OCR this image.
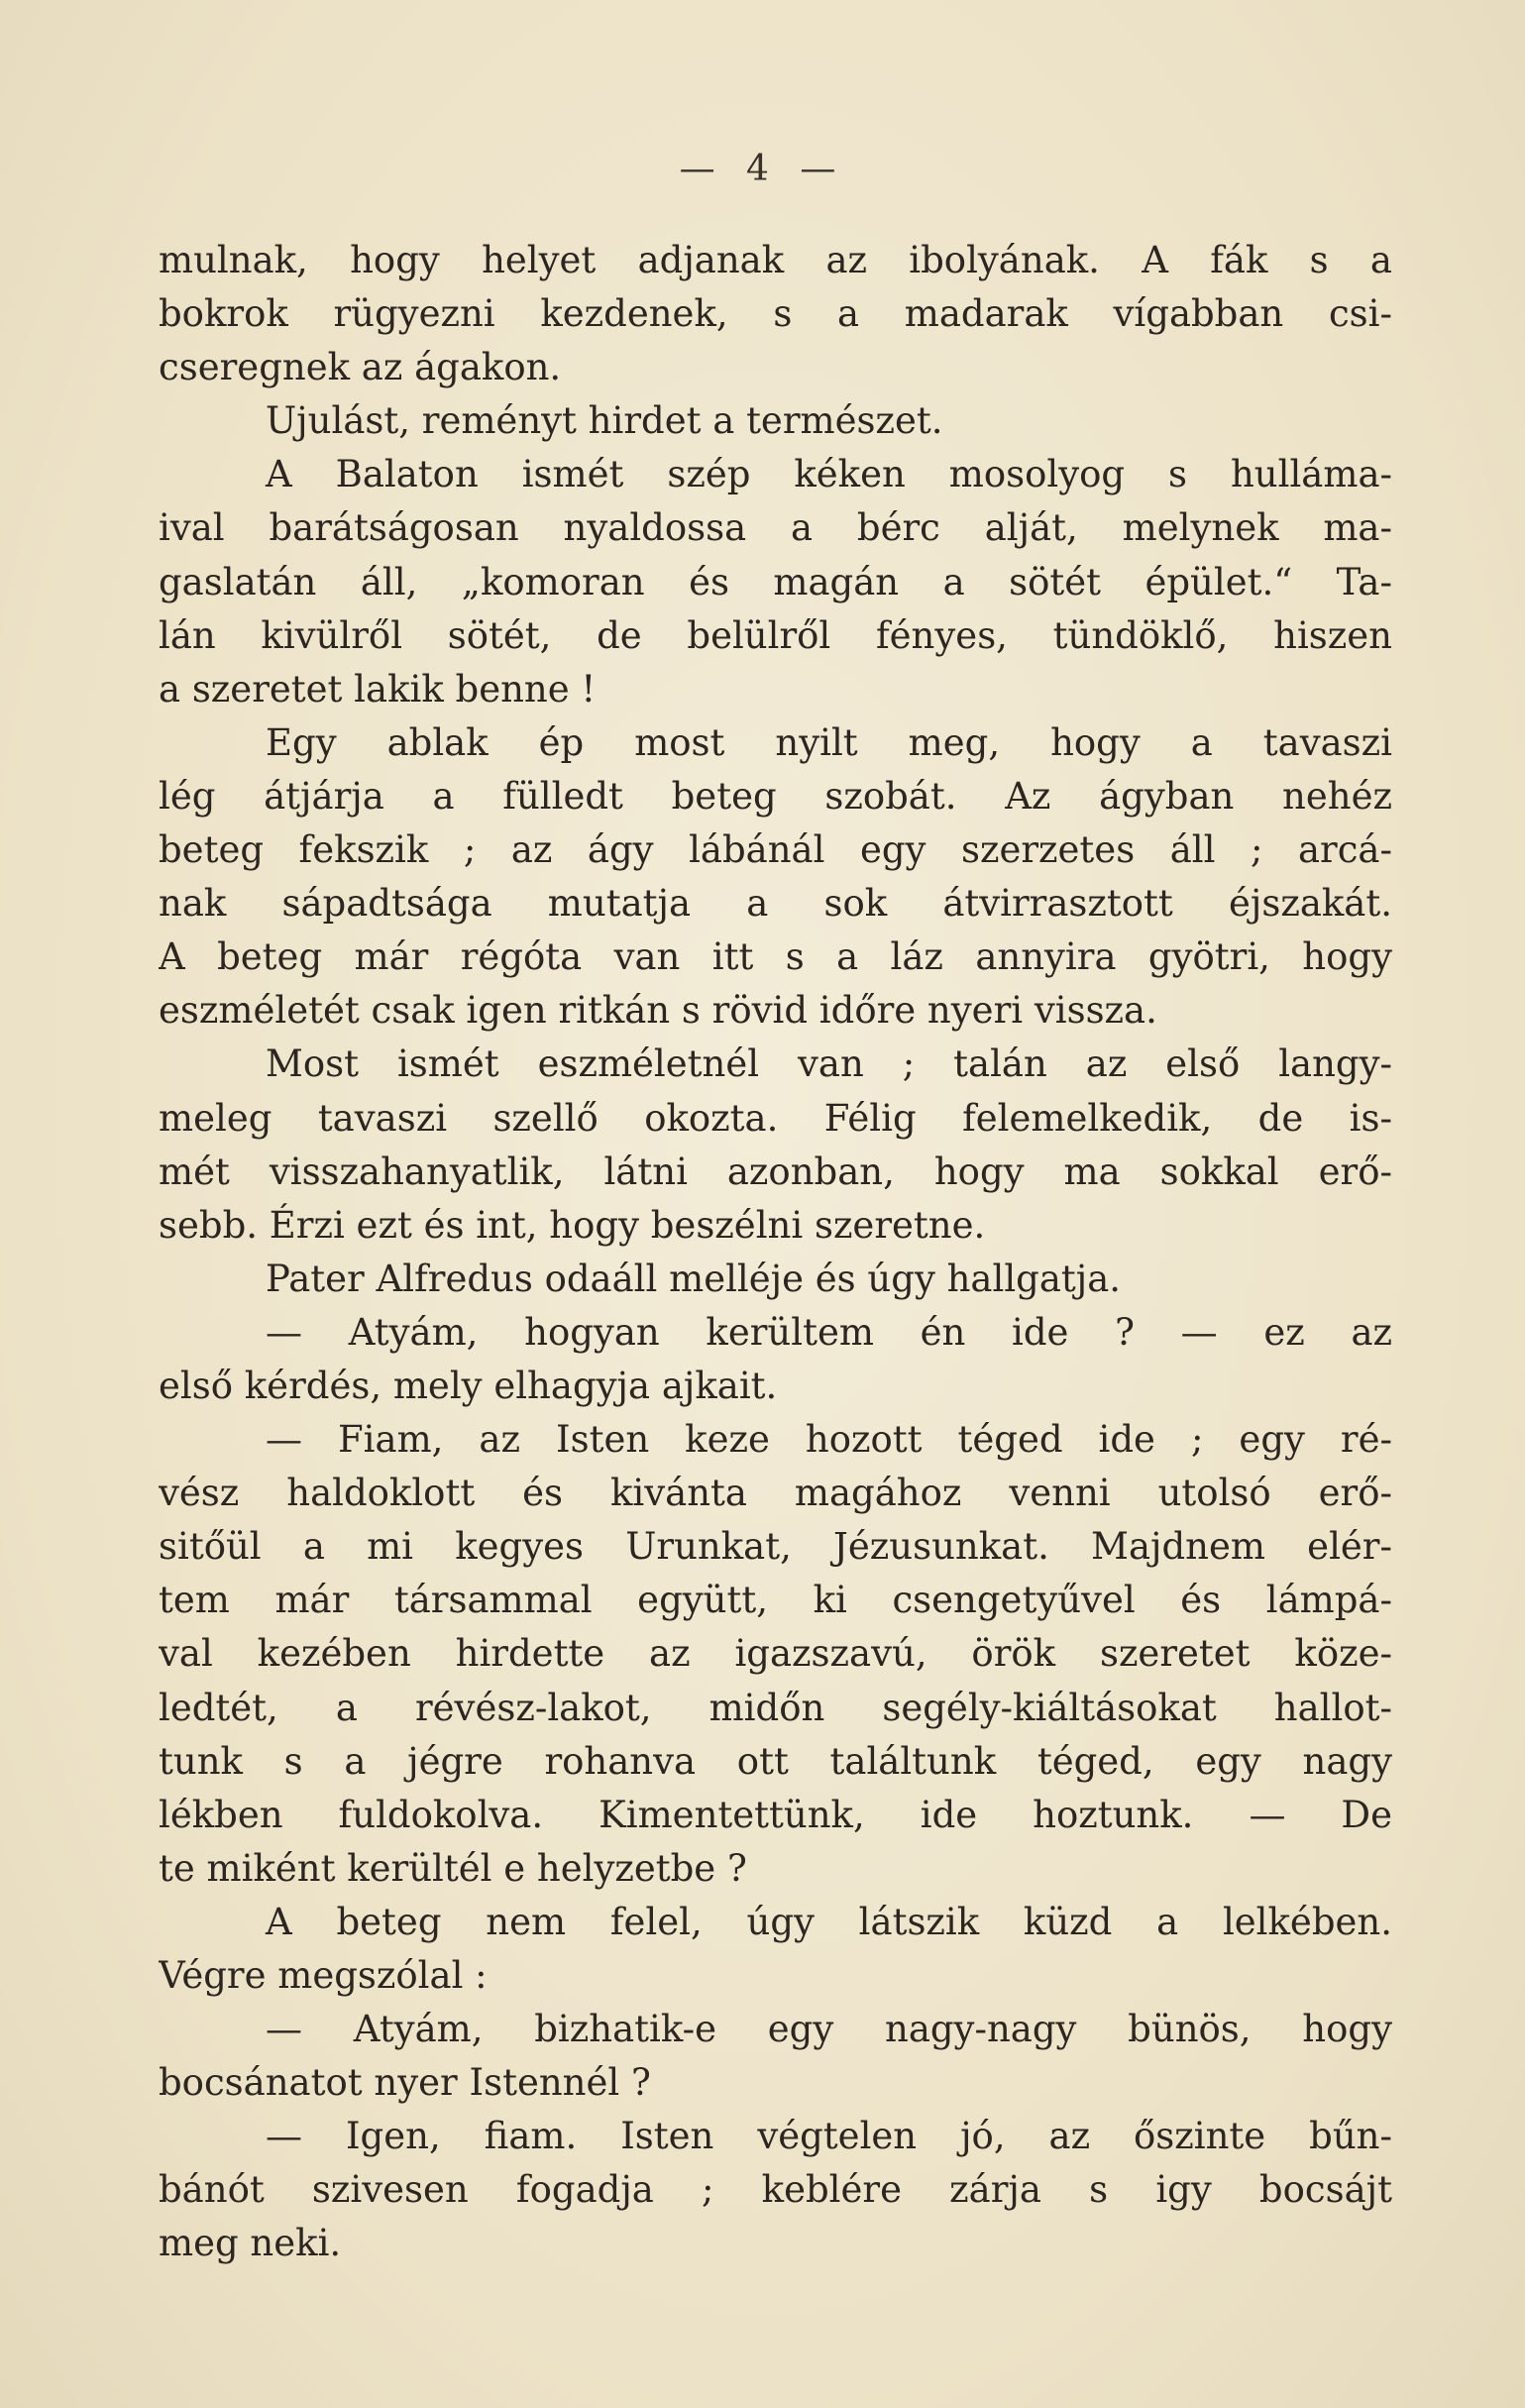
— 4 —
mulnak, hogy helyet adjanak az ibolyának. A fák s a
bokrok rügyezni kezdenek, s a madarak vígabban csi-
cseregnek az ágakon.
Ujulást, reményt hirdet a természet.
A Balaton ismét szép kéken mosolyog s hulláma-
ival barátságosan nyaldossa a bérc alját, melynek ma-
gaslatán áll, „komoran és magán a sötét épület.“ Ta-
lán kivülről sötét, de belülről fényes, tündöklő, hiszen
a szeretet lakik benne !
Egy ablak ép most nyilt meg, hogy a tavaszi
lég átjárja a fülledt beteg szobát. Az ágyban nehéz
beteg fekszik ; az ágy lábánál egy szerzetes áll ; arcá-
nak sápadtsága mutatja a sok átvirrasztott éjszakát.
A beteg már régóta van itt s a láz annyira gyötri, hogy
eszméletét csak igen ritkán s rövid időre nyeri vissza.
Most ismét eszméletnél van ; talán az első langy-
meleg tavaszi szellő okozta. Félig felemelkedik, de is-
mét visszahanyatlik, látni azonban, hogy ma sokkal erő-
sebb. Érzi ezt és int, hogy beszélni szeretne.
Pater Alfredus odaáll melléje és úgy hallgatja.
— Atyám, hogyan kerültem én ide ? — ez az
első kérdés, mely elhagyja ajkait.
— Fiam, az Isten keze hozott téged ide ; egy ré-
vész haldoklott és kivánta magához venni utolsó erő-
sitőül a mi kegyes Urunkat, Jézusunkat. Majdnem elér-
tem már társammal együtt, ki csengetyűvel és lámpá-
val kezében hirdette az igazszavú, örök szeretet köze-
ledtét, a révész-lakot, midőn segély-kiáltásokat hallot-
tunk s a jégre rohanva ott találtunk téged, egy nagy
lékben fuldokolva. Kimentettünk, ide hoztunk. — De
te miként kerültél e helyzetbe ?
A beteg nem felel, úgy látszik küzd a lelkében.
Végre megszólal :
— Atyám, bizhatik-e egy nagy-nagy bünös, hogy
bocsánatot nyer Istennél ?
— Igen, fiam. Isten végtelen jó, az őszinte bűn-
bánót szivesen fogadja ; keblére zárja s igy bocsájt
meg neki.
